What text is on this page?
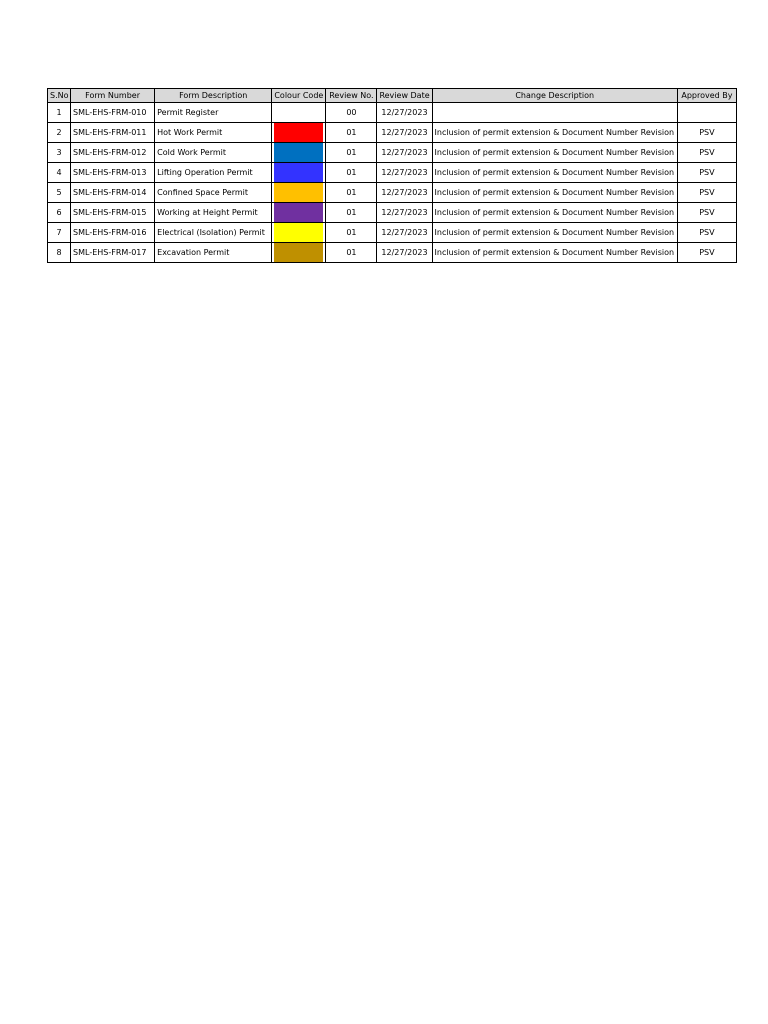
S.No	Form Number	Form Description	Colour Code	Review No.	Review Date	Change Description	Approved By
1	SML-EHS-FRM-010	Permit Register		00	12/27/2023		
2	SML-EHS-FRM-011	Hot Work Permit		01	12/27/2023	Inclusion of permit extension & Document Number Revision	PSV
3	SML-EHS-FRM-012	Cold Work Permit		01	12/27/2023	Inclusion of permit extension & Document Number Revision	PSV
4	SML-EHS-FRM-013	Lifting Operation Permit		01	12/27/2023	Inclusion of permit extension & Document Number Revision	PSV
5	SML-EHS-FRM-014	Confined Space Permit		01	12/27/2023	Inclusion of permit extension & Document Number Revision	PSV
6	SML-EHS-FRM-015	Working at Height Permit		01	12/27/2023	Inclusion of permit extension & Document Number Revision	PSV
7	SML-EHS-FRM-016	Electrical (Isolation) Permit		01	12/27/2023	Inclusion of permit extension & Document Number Revision	PSV
8	SML-EHS-FRM-017	Excavation Permit		01	12/27/2023	Inclusion of permit extension & Document Number Revision	PSV
